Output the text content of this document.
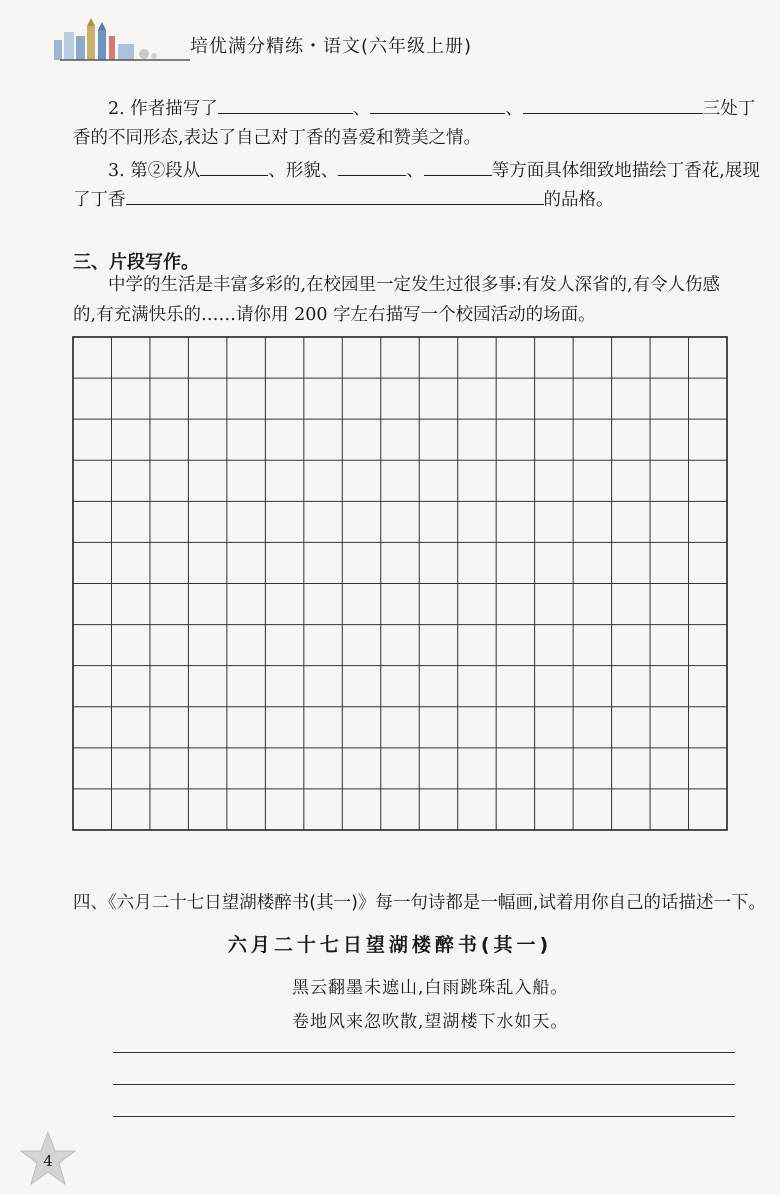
培优满分精练・语文(六年级上册)
2. 作者描写了	、	、	三处丁
香的不同形态,表达了自己对丁香的喜爱和赞美之情。
3. 第②段从	、形貌、	、	等方面具体细致地描绘丁香花,展现
了丁香	的品格。
三、片段写作。
中学的生活是丰富多彩的,在校园里一定发生过很多事:有发人深省的,有令人伤感
的,有充满快乐的……请你用 200 字左右描写一个校园活动的场面。
四、《六月二十七日望湖楼醉书(其一)》每一句诗都是一幅画,试着用你自己的话描述一下。
六月二十七日望湖楼醉书(其一)
黑云翻墨未遮山,白雨跳珠乱入船。
卷地风来忽吹散,望湖楼下水如天。
4
